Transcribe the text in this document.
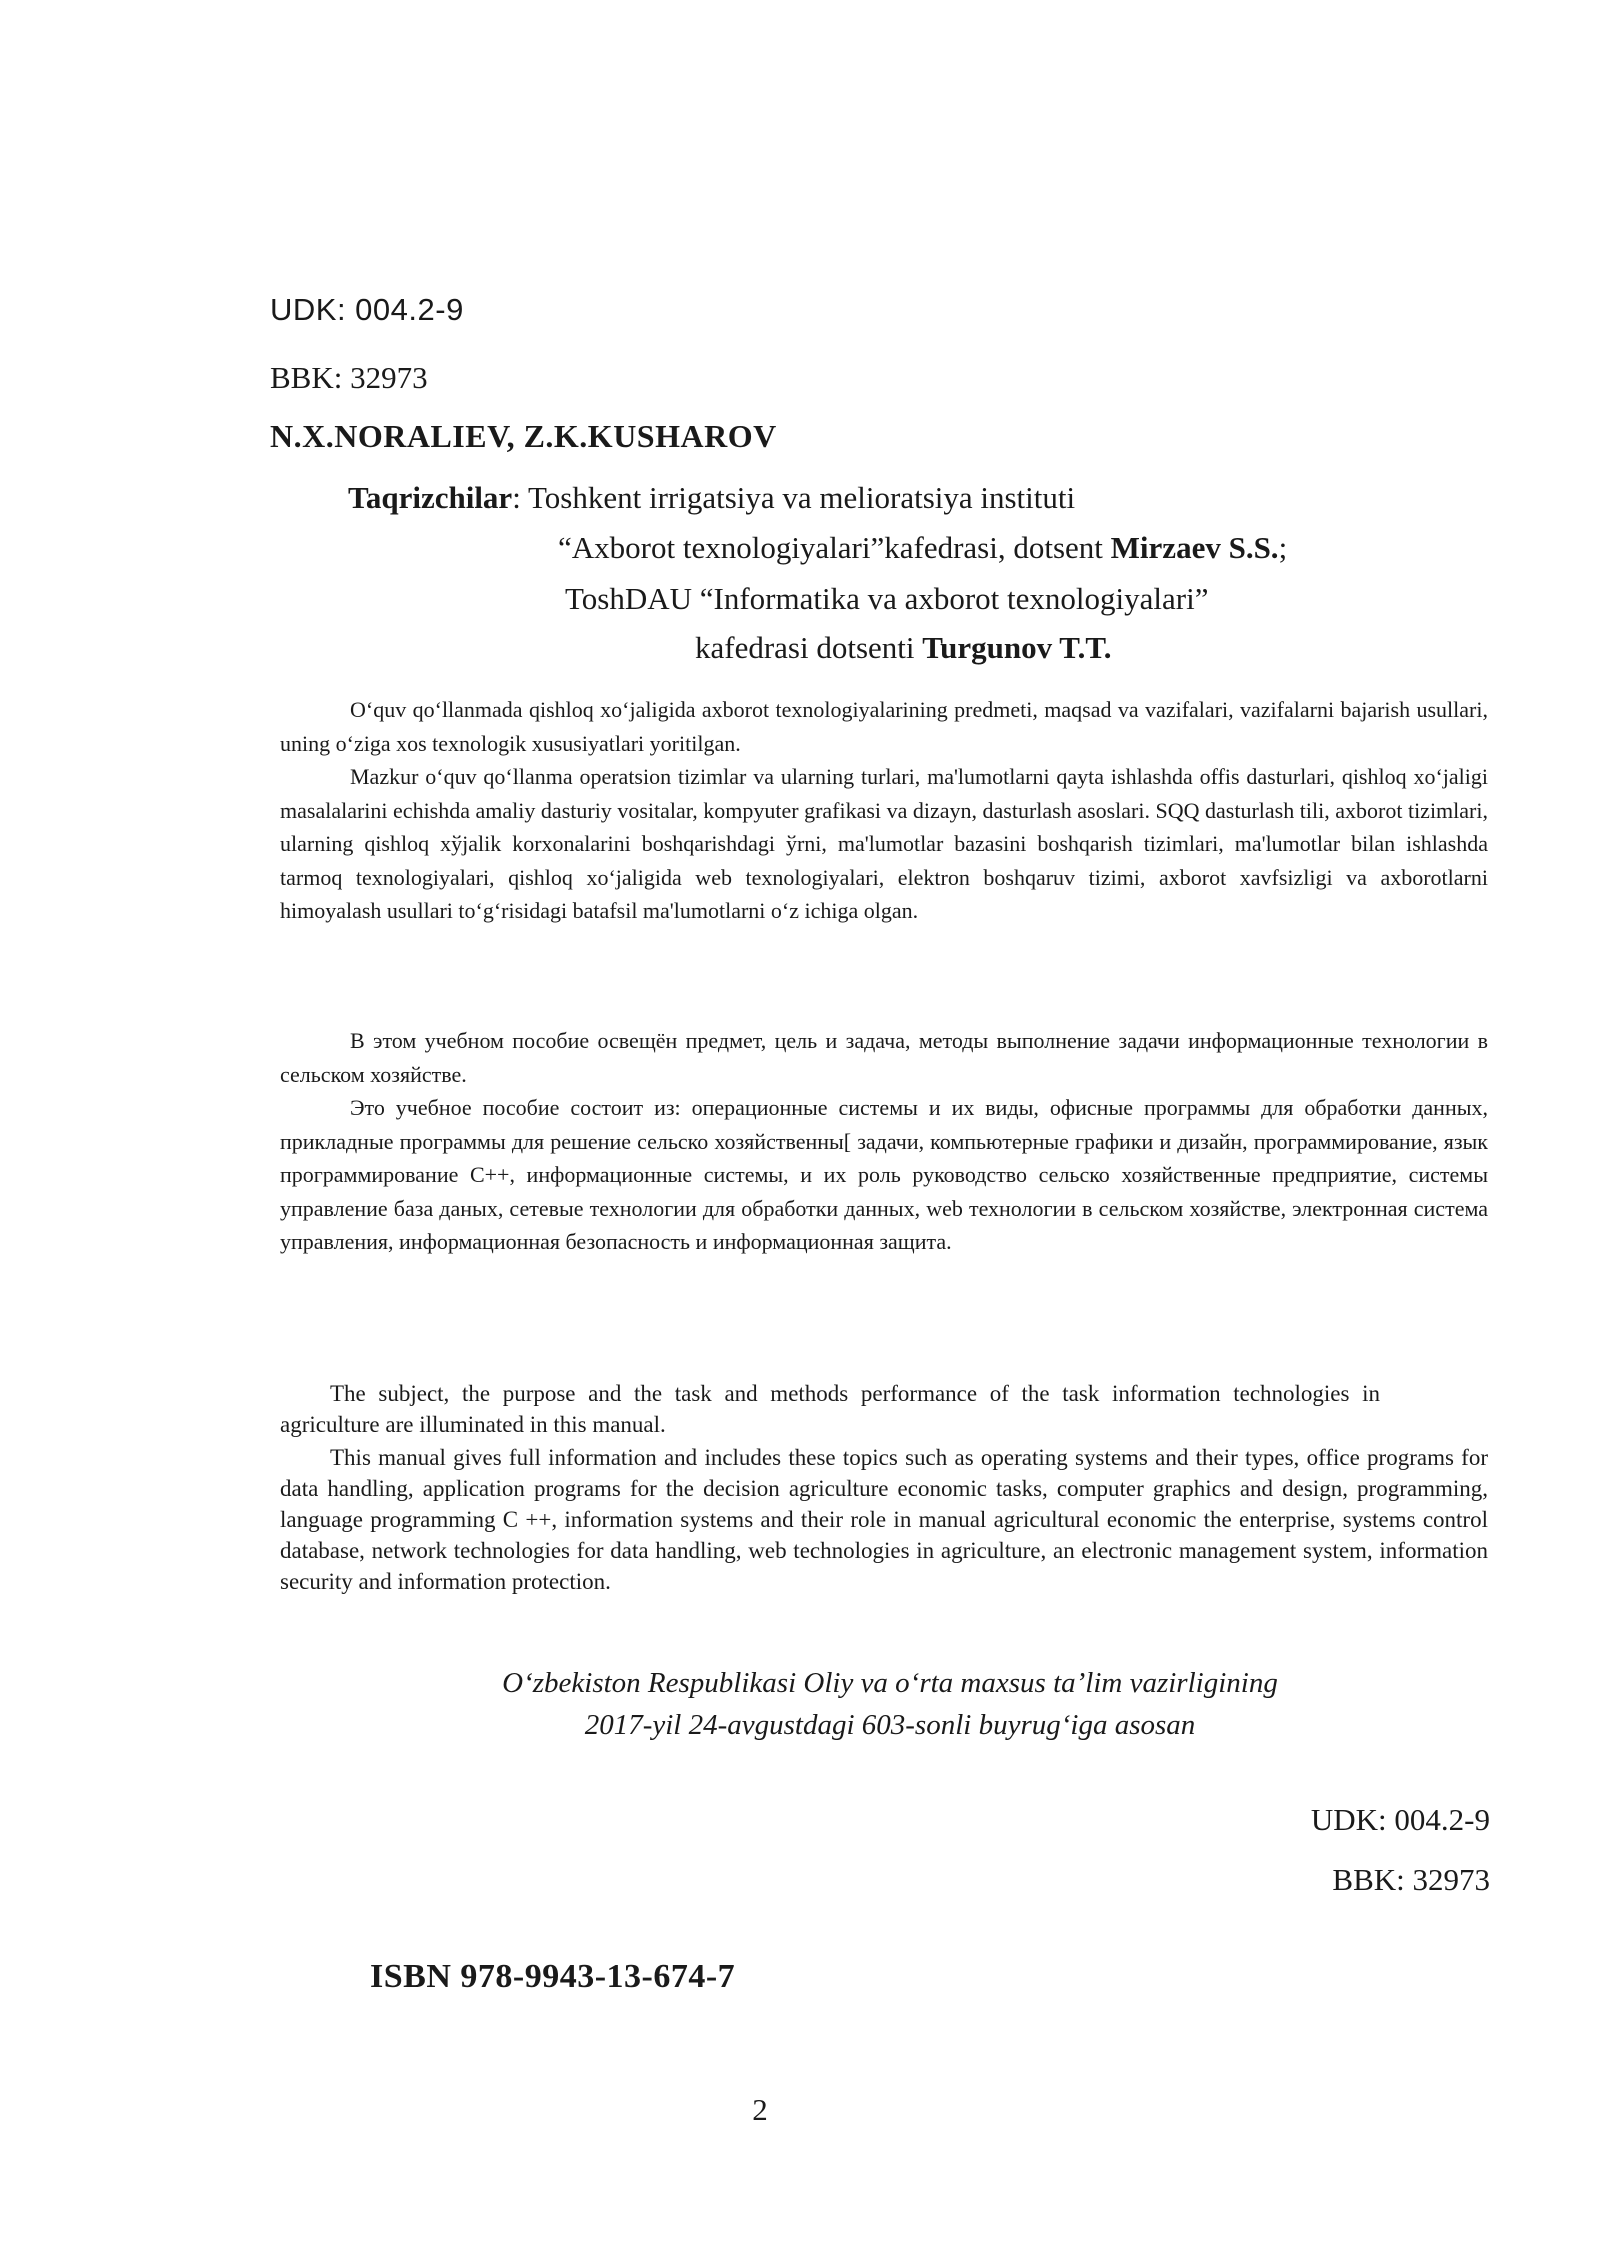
UDK: 004.2-9

BBK: 32973

N.X.NORALIEV, Z.K.KUSHAROV

Taqrizchilar: Toshkent irrigatsiya va melioratsiya instituti
“Axborot texnologiyalari”kafedrasi, dotsent Mirzaev S.S.;
ToshDAU “Informatika va axborot texnologiyalari”
kafedrasi dotsenti Turgunov T.T.

O‘quv qo‘llanmada qishloq xo‘jaligida axborot texnologiyalarining predmeti, maqsad va vazifalari, vazifalarni bajarish usullari, uning o‘ziga xos texnologik xususiyatlari yoritilgan.

Mazkur o‘quv qo‘llanma operatsion tizimlar va ularning turlari, ma'lumotlarni qayta ishlashda offis dasturlari, qishloq xo‘jaligi masalalarini echishda amaliy dasturiy vositalar, kompyuter grafikasi va dizayn, dasturlash asoslari. SQQ dasturlash tili, axborot tizimlari, ularning qishloq xўjalik korxonalarini boshqarishdagi ўrni, ma'lumotlar bazasini boshqarish tizimlari, ma'lumotlar bilan ishlashda tarmoq texnologiyalari, qishloq xo‘jaligida web texnologiyalari, elektron boshqaruv tizimi, axborot xavfsizligi va axborotlarni himoyalash usullari to‘g‘risidagi batafsil ma'lumotlarni o‘z ichiga olgan.

В этом учебном пособие освещён предмет, цель и задача, методы выполнение задачи информационные технологии в сельском хозяйстве.

Это учебное пособие состоит из: операционные системы и их виды, офисные программы для обработки данных, прикладные программы для решение сельско хозяйственны[ задачи, компьютерные графики и дизайн, программирование, язык программирование С++, информационные системы, и их роль руководство сельско хозяйственные предприятие, системы управление база даных, сетевые технологии для обработки данных, web технологии в сельском хозяйстве, электронная система управления, информационная безопасность и информационная защита.

The subject, the purpose and the task and methods performance of the task information technologies in agriculture are illuminated in this manual.

This manual gives full information and includes these topics such as operating systems and their types, office programs for data handling, application programs for the decision agriculture economic tasks, computer graphics and design, programming, language programming C ++, information systems and their role in manual agricultural economic the enterprise, systems control database, network technologies for data handling, web technologies in agriculture, an electronic management system, information security and information protection.

O‘zbekiston Respublikasi Oliy va o‘rta maxsus ta’lim vazirligining
2017-yil 24-avgustdagi 603-sonli buyrug‘iga asosan

UDK: 004.2-9

BBK: 32973

ISBN 978-9943-13-674-7

2
